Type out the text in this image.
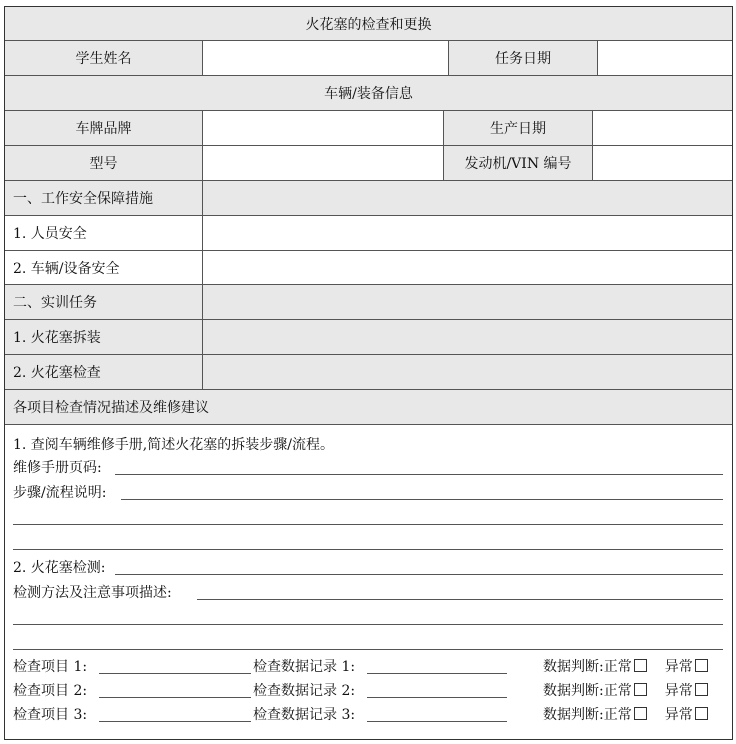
火花塞的检查和更换
学生姓名	任务日期
车辆/装备信息
车牌品牌	生产日期
型号	发动机/VIN 编号
一、工作安全保障措施
1. 人员安全
2. 车辆/设备安全
二、实训任务
1. 火花塞拆装
2. 火花塞检查
各项目检查情况描述及维修建议
1. 查阅车辆维修手册,简述火花塞的拆装步骤/流程。
维修手册页码:
步骤/流程说明:
2. 火花塞检测:
检测方法及注意事项描述:
检查项目 1:	检查数据记录 1:	数据判断:正常 异常
检查项目 2:	检查数据记录 2:	数据判断:正常 异常
检查项目 3:	检查数据记录 3:	数据判断:正常 异常
